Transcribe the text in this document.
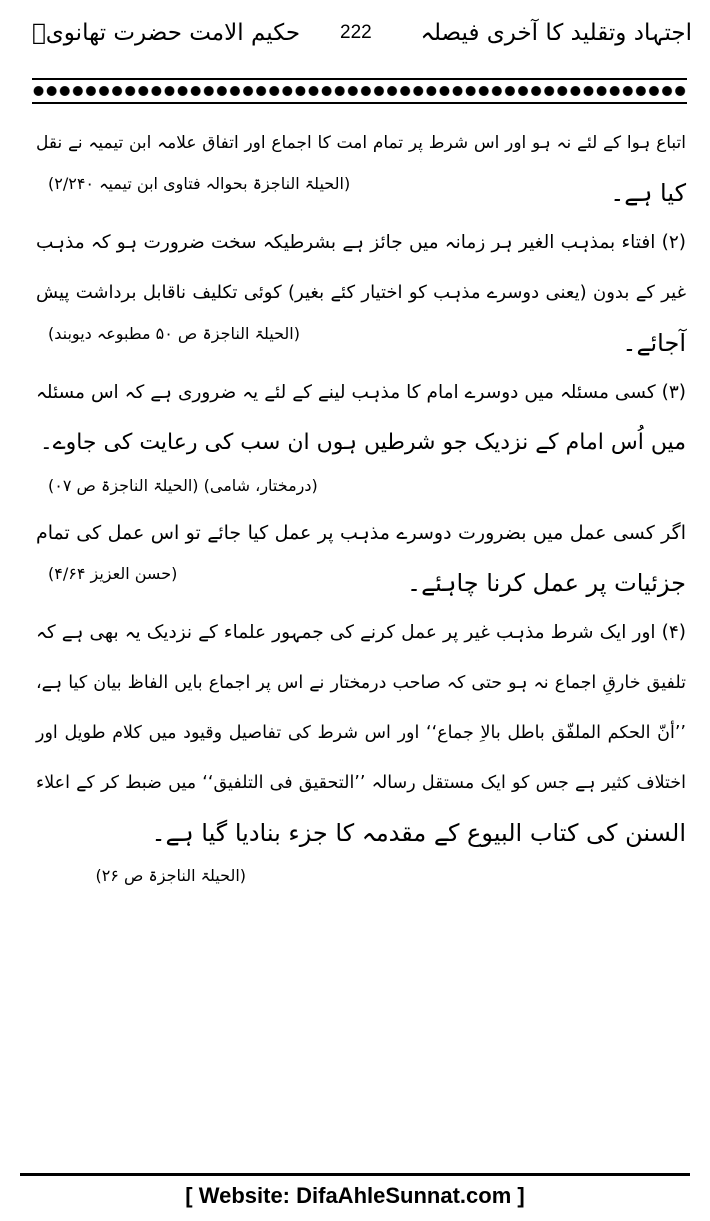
اجتہاد وتقلید کا آخری فیصلہ
222
حکیم الامت حضرت تھانویؒ
اتباع ہوا کے لئے نہ ہو اور اس شرط پر تمام امت کا اجماع اور اتفاق علامہ ابن تیمیہ نے نقل
کیا ہے۔
(الحیلۃ الناجزۃ بحوالہ فتاوی ابن تیمیہ ۲/۲۴۰)
(۲) افتاء بمذہب الغیر ہر زمانہ میں جائز ہے بشرطیکہ سخت ضرورت ہو کہ مذہب
غیر کے بدون (یعنی دوسرے مذہب کو اختیار کئے بغیر) کوئی تکلیف ناقابل برداشت پیش
آجائے۔
(الحیلۃ الناجزۃ ص ۵۰ مطبوعہ دیوبند)
(۳) کسی مسئلہ میں دوسرے امام کا مذہب لینے کے لئے یہ ضروری ہے کہ اس مسئلہ
میں اُس امام کے نزدیک جو شرطیں ہوں ان سب کی رعایت کی جاوے۔
(درمختار، شامی) (الحیلۃ الناجزۃ ص ۰۷)
اگر کسی عمل میں بضرورت دوسرے مذہب پر عمل کیا جائے تو اس عمل کی تمام
جزئیات پر عمل کرنا چاہئے۔
(حسن العزیز ۴/۶۴)
(۴) اور ایک شرط مذہب غیر پر عمل کرنے کی جمہور علماء کے نزدیک یہ بھی ہے کہ
تلفیق خارقِ اجماع نہ ہو حتی کہ صاحب درمختار نے اس پر اجماع بایں الفاظ بیان کیا ہے،
’’أنّ الحکم الملفّق باطل بالاِ جماع‘‘ اور اس شرط کی تفاصیل وقیود میں کلام طویل اور
اختلاف کثیر ہے جس کو ایک مستقل رسالہ ’’التحقیق فی التلفیق‘‘ میں ضبط کر کے اعلاء
السنن کی کتاب البیوع کے مقدمہ کا جزء بنادیا گیا ہے۔
(الحیلۃ الناجزۃ ص ۲۶)
[ Website: DifaAhleSunnat.com ]
